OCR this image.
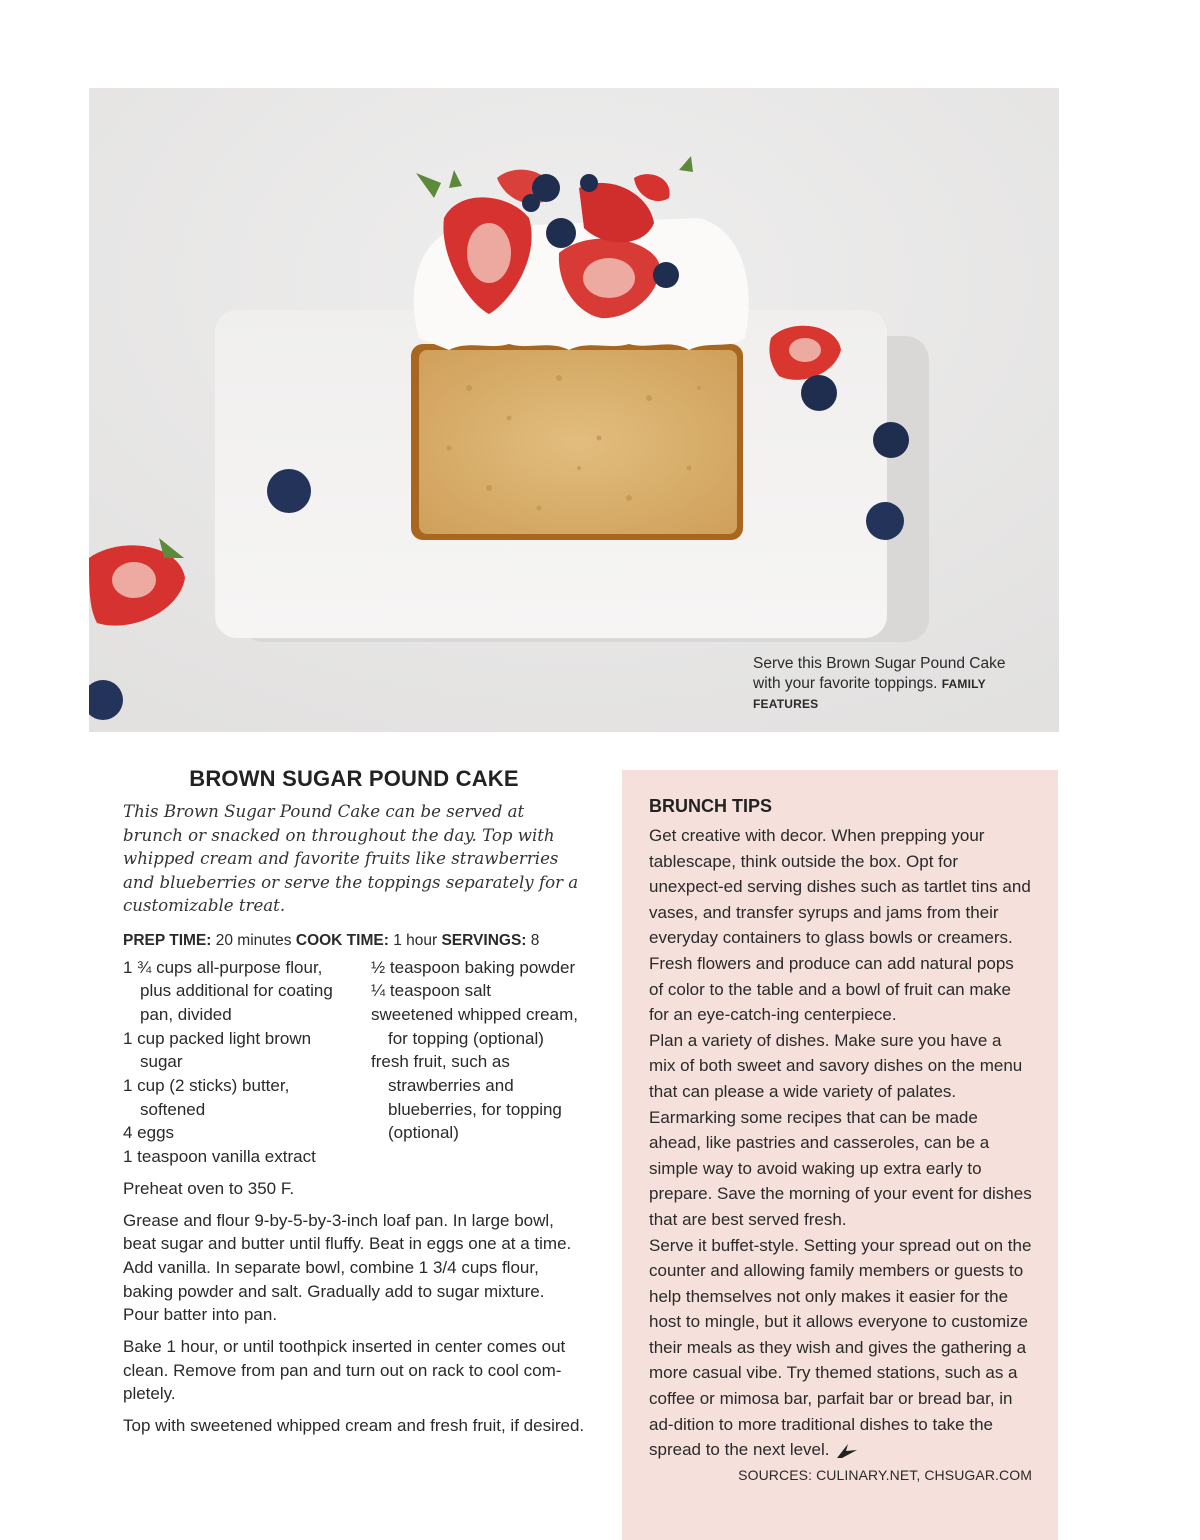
Serve this Brown Sugar Pound Cake with your favorite toppings. FAMILY FEATURES
BROWN SUGAR POUND CAKE

This Brown Sugar Pound Cake can be served at brunch or snacked on throughout the day. Top with whipped cream and favorite fruits like strawberries and blueberries or serve the toppings separately for a customizable treat.

PREP TIME: 20 minutes COOK TIME: 1 hour SERVINGS: 8
1 ¾ cups all-purpose flour, plus additional for coating pan, divided
1 cup packed light brown sugar
1 cup (2 sticks) butter, softened
4 eggs
1 teaspoon vanilla extract
½ teaspoon baking powder
¼ teaspoon salt
sweetened whipped cream, for topping (optional)
fresh fruit, such as strawberries and blueberries, for topping (optional)

Preheat oven to 350 F.

Grease and flour 9-by-5-by-3-inch loaf pan. In large bowl, beat sugar and butter until fluffy. Beat in eggs one at a time. Add vanilla. In separate bowl, combine 1 3/4 cups flour, baking powder and salt. Gradually add to sugar mixture. Pour batter into pan.

Bake 1 hour, or until toothpick inserted in center comes out clean. Remove from pan and turn out on rack to cool com-pletely.

Top with sweetened whipped cream and fresh fruit, if desired.

BRUNCH TIPS

Get creative with decor. When prepping your tablescape, think outside the box. Opt for unexpect-ed serving dishes such as tartlet tins and vases, and transfer syrups and jams from their everyday containers to glass bowls or creamers. Fresh flowers and produce can add natural pops of color to the table and a bowl of fruit can make for an eye-catch-ing centerpiece.

Plan a variety of dishes. Make sure you have a mix of both sweet and savory dishes on the menu that can please a wide variety of palates. Earmarking some recipes that can be made ahead, like pastries and casseroles, can be a simple way to avoid waking up extra early to prepare. Save the morning of your event for dishes that are best served fresh.

Serve it buffet-style. Setting your spread out on the counter and allowing family members or guests to help themselves not only makes it easier for the host to mingle, but it allows everyone to customize their meals as they wish and gives the gathering a more casual vibe. Try themed stations, such as a coffee or mimosa bar, parfait bar or bread bar, in ad-dition to more traditional dishes to take the spread to the next level.

SOURCES: CULINARY.NET, CHSUGAR.COM
